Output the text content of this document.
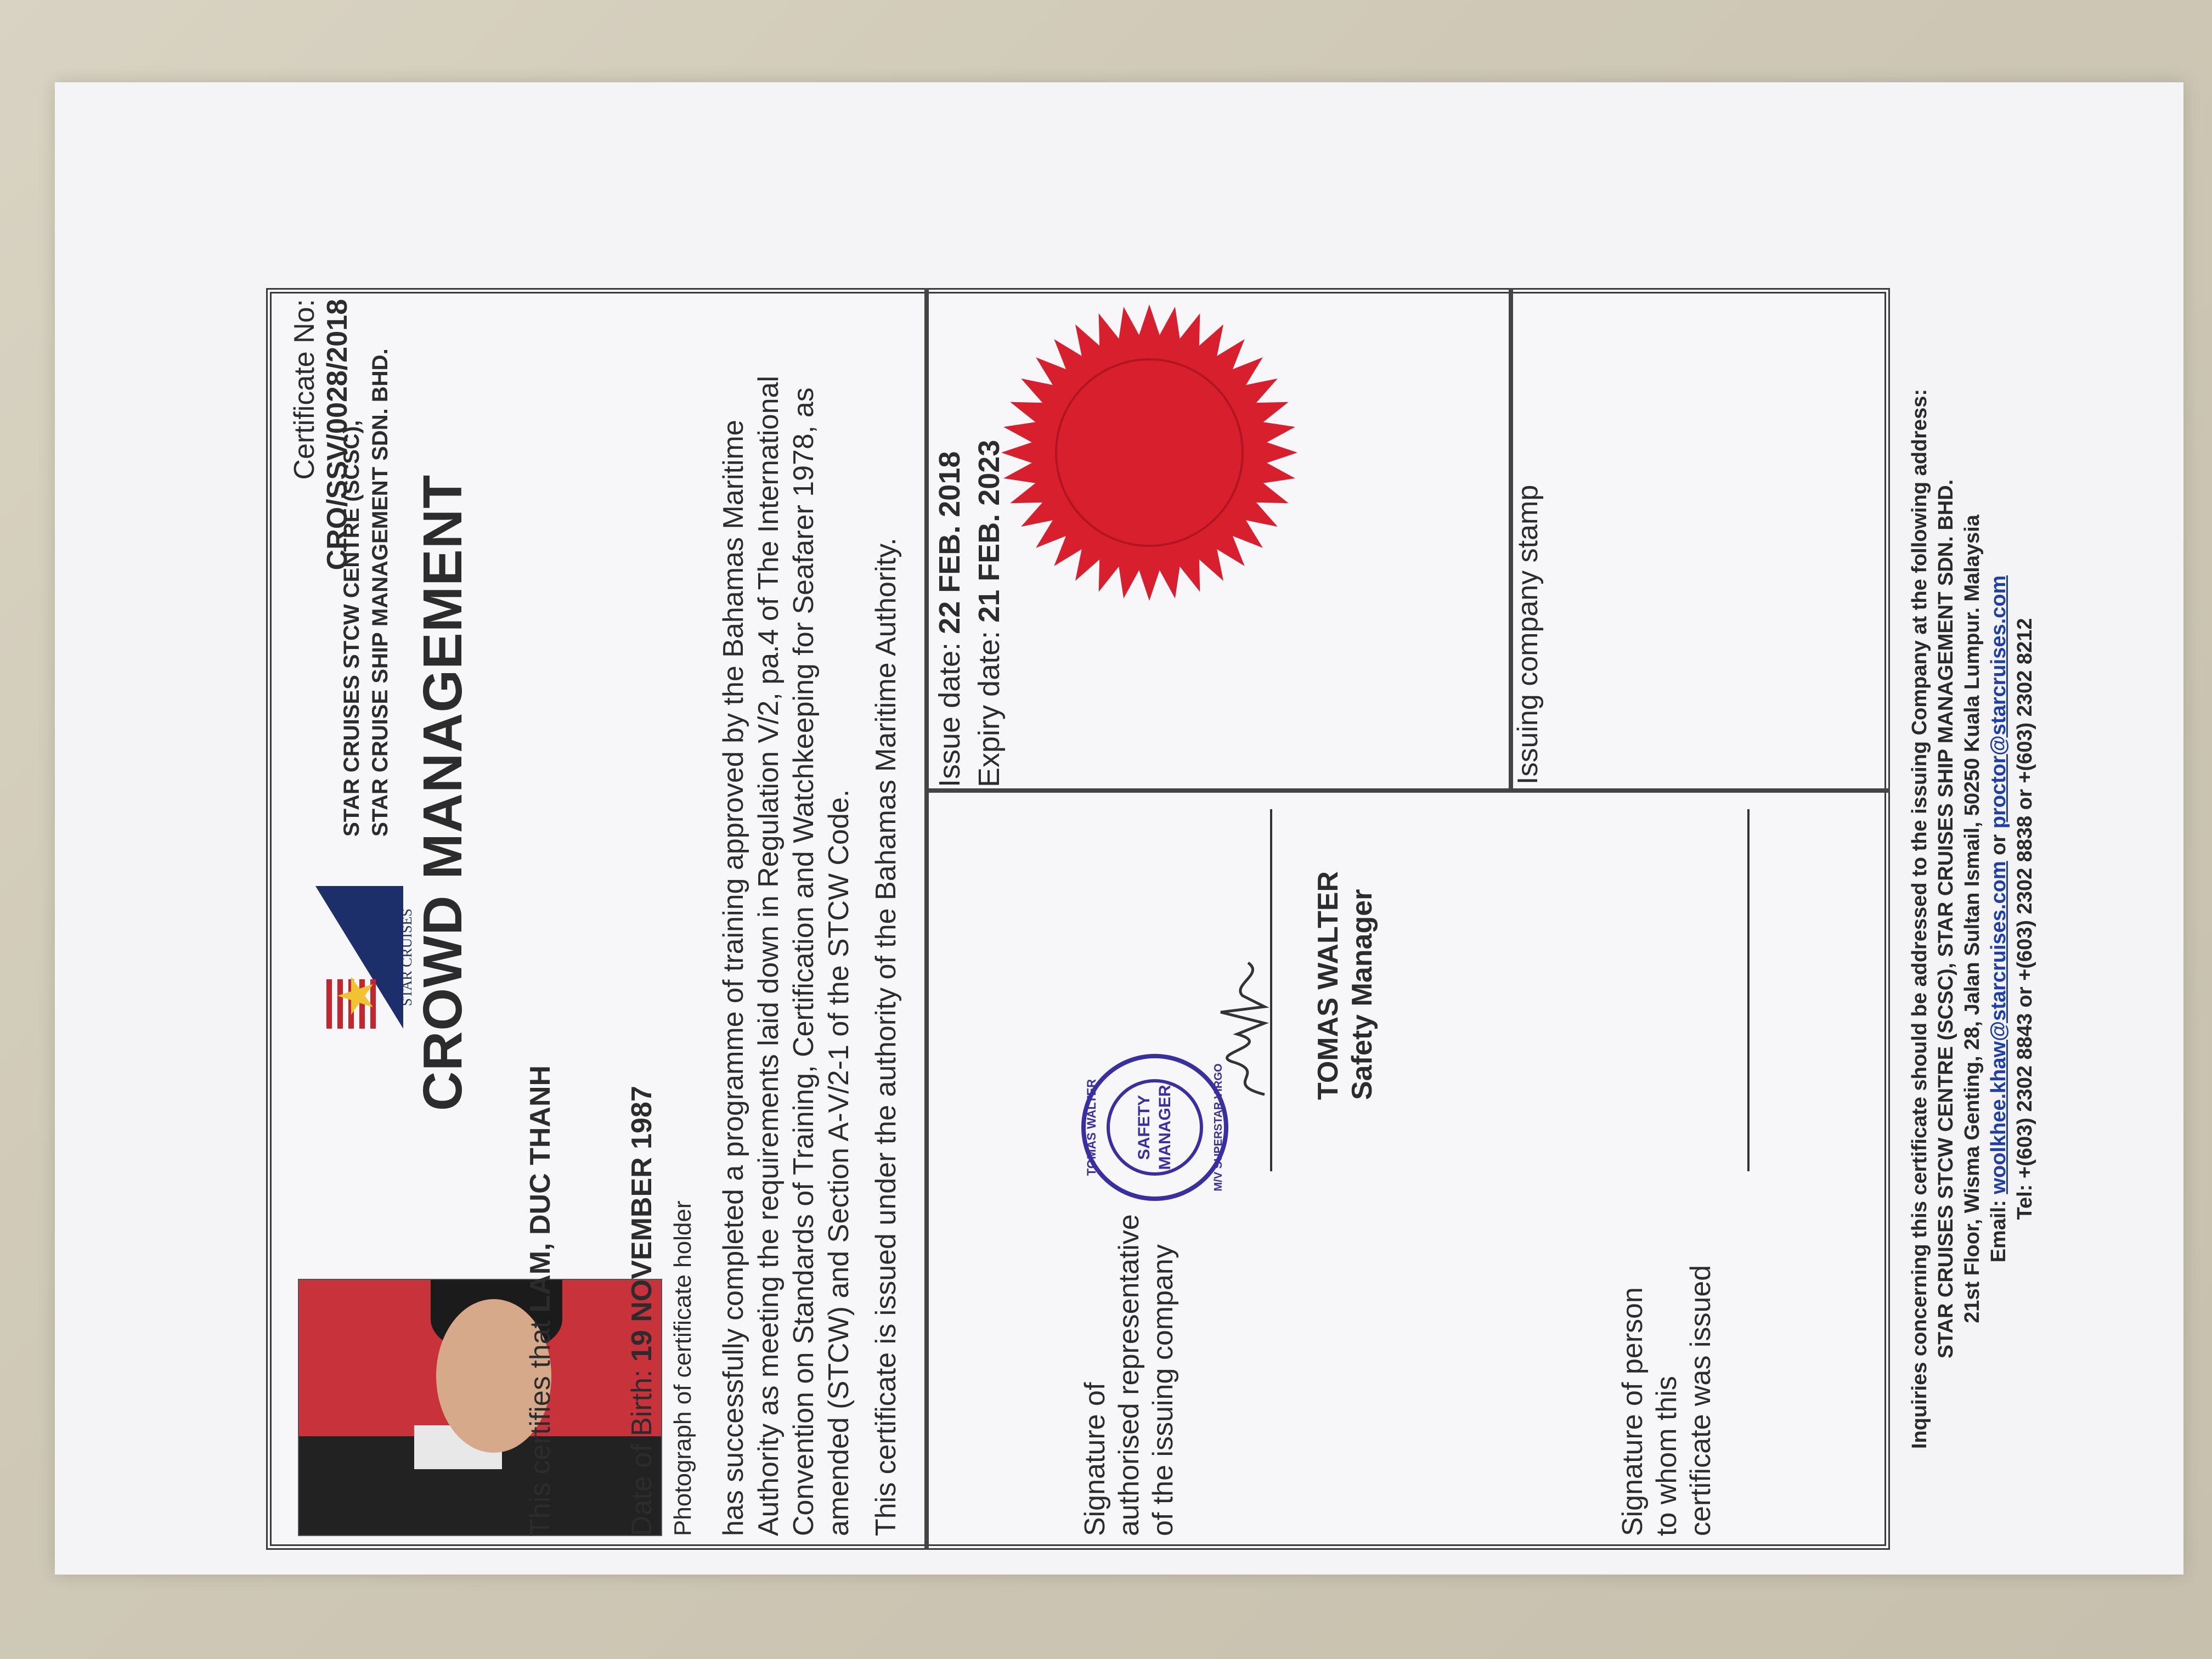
Photograph of certificate holder
STAR CRUISES
STAR CRUISES STCW CENTRE (SCSC), STAR CRUISE SHIP MANAGEMENT SDN. BHD.
Certificate No: CRO/SSV/0028/2018
CROWD MANAGEMENT
This certifies that LAM, DUC THANH
Date of Birth: 19 NOVEMBER 1987 has successfully completed a programme of training approved by the Bahamas Maritime Authority as meeting the requirements laid down in Regulation V/2, pa.4 of The International Convention on Standards of Training, Certification and Watchkeeping for Seafarer 1978, as amended (STCW) and Section A-V/2-1 of the STCW Code. This certificate is issued under the authority of the Bahamas Maritime Authority.	Signature of authorised representative of the issuing company
SAFETY MANAGER
TOMAS WALTER	M/V SUPERSTAR VIRGO
TOMAS WALTER Safety Manager
Signature of person to whom this certificate was issued
Issue date: 22 FEB. 2018
Expiry date: 21 FEB. 2023	Issuing company stamp	Inquiries concerning this certificate should be addressed to the issuing Company at the following address: STAR CRUISES STCW CENTRE (SCSC), STAR CRUISES SHIP MANAGEMENT SDN. BHD. 21st Floor, Wisma Genting, 28, Jalan Sultan Ismail, 50250 Kuala Lumpur. Malaysia Email: woolkhee.khaw@starcruises.com or proctor@starcruises.com Tel: +(603) 2302 8843 or +(603) 2302 8838 or +(603) 2302 8212
